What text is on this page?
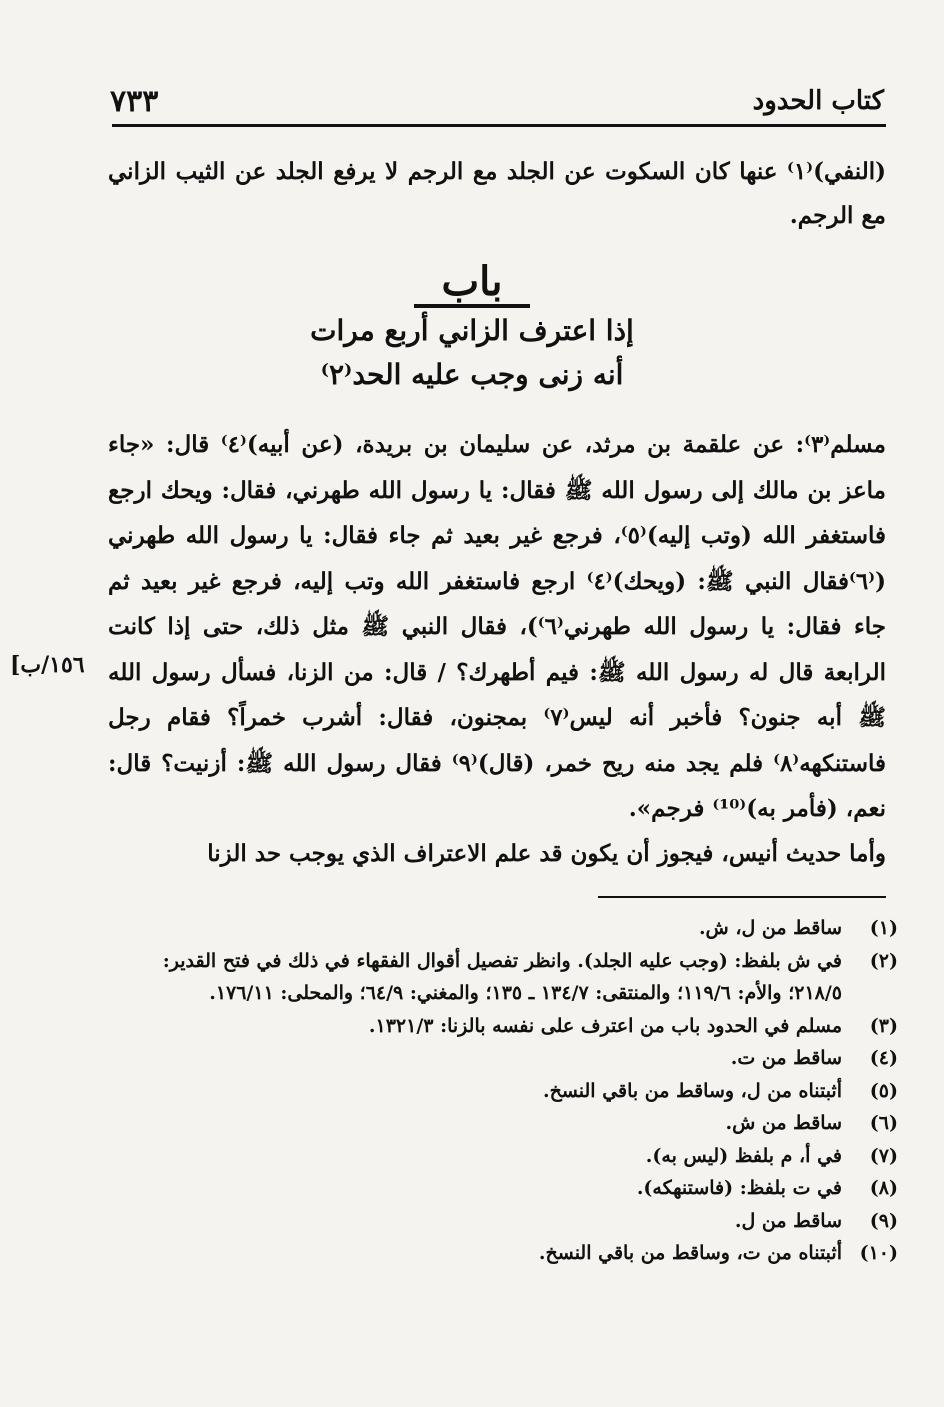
٧٣٣	كتاب الحدود
(النفي)⁽١⁾ عنها كان السكوت عن الجلد مع الرجم لا يرفع الجلد عن الثيب الزاني مع الرجم.
باب
إذا اعترف الزاني أربع مرات
أنه زنى وجب عليه الحد⁽٢⁾
مسلم⁽٣⁾: عن علقمة بن مرثد، عن سليمان بن بريدة، (عن أبيه)⁽٤⁾ قال: «جاء ماعز بن مالك إلى رسول الله ﷺ فقال: يا رسول الله طهرني، فقال: ويحك ارجع فاستغفر الله (وتب إليه)⁽٥⁾، فرجع غير بعيد ثم جاء فقال: يا رسول الله طهرني (⁽٦⁾فقال النبي ﷺ: (ويحك)⁽٤⁾ ارجع فاستغفر الله وتب إليه، فرجع غير بعيد ثم جاء فقال: يا رسول الله طهرني⁽٦⁾)، فقال النبي ﷺ مثل ذلك، حتى إذا كانت الرابعة قال له رسول الله ﷺ: فيم أطهرك؟ / قال: من الزنا، فسأل رسول الله ﷺ أبه جنون؟ فأخبر أنه ليس⁽٧⁾ بمجنون، فقال: أشرب خمراً؟ فقام رجل فاستنكهه⁽٨⁾ فلم يجد منه ريح خمر، (قال)⁽٩⁾ فقال رسول الله ﷺ: أزنيت؟ قال: نعم، (فأمر به)⁽¹⁰⁾ فرجم».
[١٥٦/ب
وأما حديث أنيس، فيجوز أن يكون قد علم الاعتراف الذي يوجب حد الزنا
(١)
ساقط من ل، ش.
(٢)
في ش بلفظ: (وجب عليه الجلد). وانظر تفصيل أقوال الفقهاء في ذلك في فتح القدير: ٢١٨/٥؛ والأم: ١١٩/٦؛ والمنتقى: ١٣٤/٧ ـ ١٣٥؛ والمغني: ٦٤/٩؛ والمحلى: ١٧٦/١١.
(٣)
مسلم في الحدود باب من اعترف على نفسه بالزنا: ١٣٢١/٣.
(٤)
ساقط من ت.
(٥)
أثبتناه من ل، وساقط من باقي النسخ.
(٦)
ساقط من ش.
(٧)
في أ، م بلفظ (ليس به).
(٨)
في ت بلفظ: (فاستنهكه).
(٩)
ساقط من ل.
(١٠)
أثبتناه من ت، وساقط من باقي النسخ.
